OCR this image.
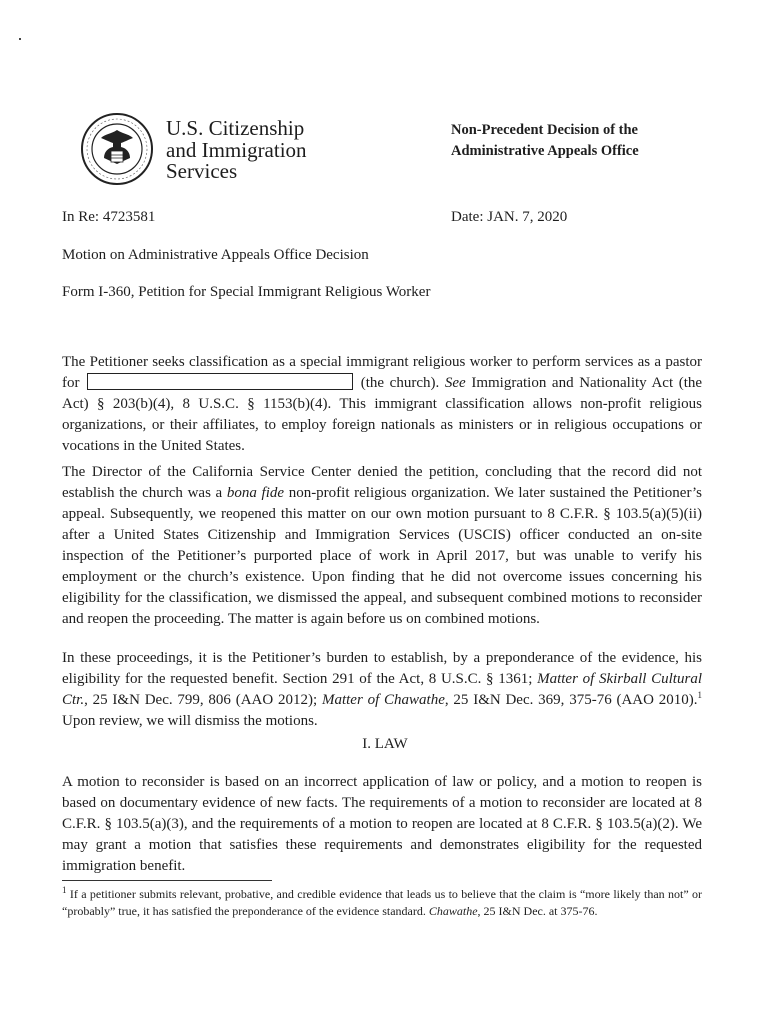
U.S. Citizenship
and Immigration
Services
Non-Precedent Decision of the
Administrative Appeals Office
In Re: 4723581	Date: JAN. 7, 2020
Motion on Administrative Appeals Office Decision
Form I-360, Petition for Special Immigrant Religious Worker
The Petitioner seeks classification as a special immigrant religious worker to perform services as a pastor for	(the church). See Immigration and Nationality Act (the Act) § 203(b)(4), 8 U.S.C. § 1153(b)(4). This immigrant classification allows non-profit religious organizations, or their affiliates, to employ foreign nationals as ministers or in religious occupations or vocations in the United States.
The Director of the California Service Center denied the petition, concluding that the record did not establish the church was a bona fide non-profit religious organization. We later sustained the Petitioner’s appeal. Subsequently, we reopened this matter on our own motion pursuant to 8 C.F.R. § 103.5(a)(5)(ii) after a United States Citizenship and Immigration Services (USCIS) officer conducted an on-site inspection of the Petitioner’s purported place of work in April 2017, but was unable to verify his employment or the church’s existence. Upon finding that he did not overcome issues concerning his eligibility for the classification, we dismissed the appeal, and subsequent combined motions to reconsider and reopen the proceeding. The matter is again before us on combined motions.
In these proceedings, it is the Petitioner’s burden to establish, by a preponderance of the evidence, his eligibility for the requested benefit. Section 291 of the Act, 8 U.S.C. § 1361; Matter of Skirball Cultural Ctr., 25 I&N Dec. 799, 806 (AAO 2012); Matter of Chawathe, 25 I&N Dec. 369, 375-76 (AAO 2010).$^1$ Upon review, we will dismiss the motions.
I. LAW
A motion to reconsider is based on an incorrect application of law or policy, and a motion to reopen is based on documentary evidence of new facts. The requirements of a motion to reconsider are located at 8 C.F.R. § 103.5(a)(3), and the requirements of a motion to reopen are located at 8 C.F.R. § 103.5(a)(2). We may grant a motion that satisfies these requirements and demonstrates eligibility for the requested immigration benefit.
$^1$ If a petitioner submits relevant, probative, and credible evidence that leads us to believe that the claim is “more likely than not” or “probably” true, it has satisfied the preponderance of the evidence standard. Chawathe, 25 I&N Dec. at 375-76.
